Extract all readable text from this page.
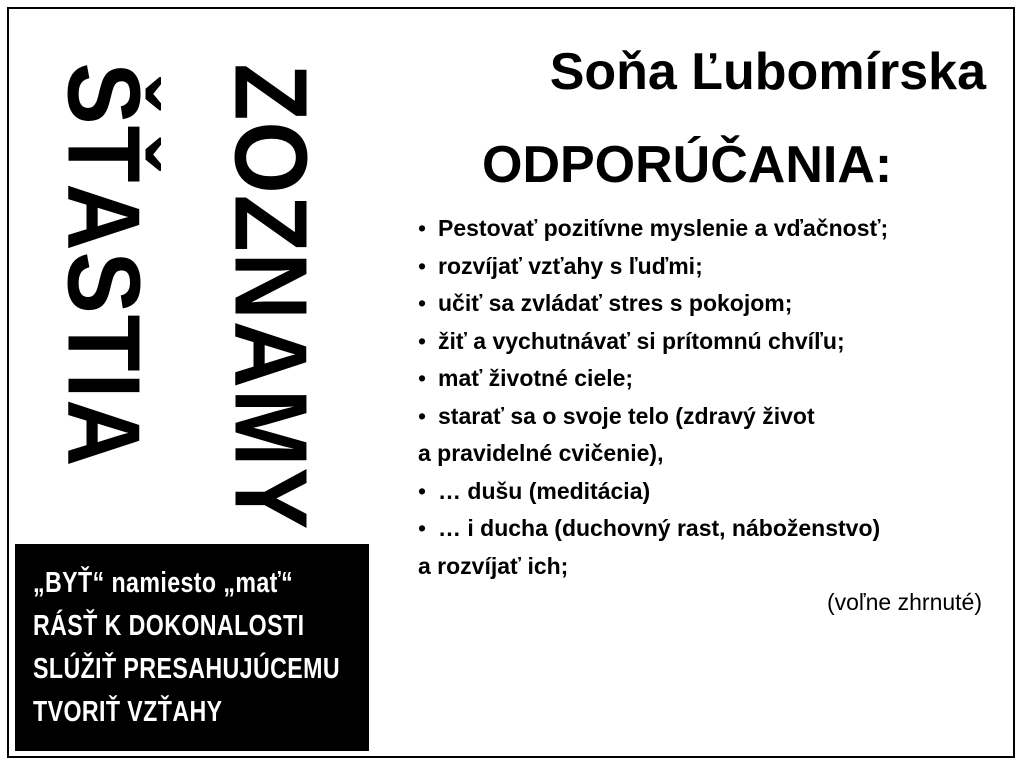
ŠŤASTIA ZOZNAMY
„BYŤ“ namiesto „mať“
RÁSŤ K DOKONALOSTI
SLÚŽIŤ PRESAHUJÚCEMU
TVORIŤ VZŤAHY
Soňa Ľubomírska
ODPORÚČANIA:
• Pestovať pozitívne myslenie a vďačnosť;
• rozvíjať vzťahy s ľuďmi;
• učiť sa zvládať stres s pokojom;
• žiť a vychutnávať si prítomnú chvíľu;
• mať životné ciele;
• starať sa o svoje telo (zdravý život
a pravidelné cvičenie),
• … dušu (meditácia)
• … i ducha (duchovný rast, náboženstvo)
a rozvíjať ich;
(voľne zhrnuté)
